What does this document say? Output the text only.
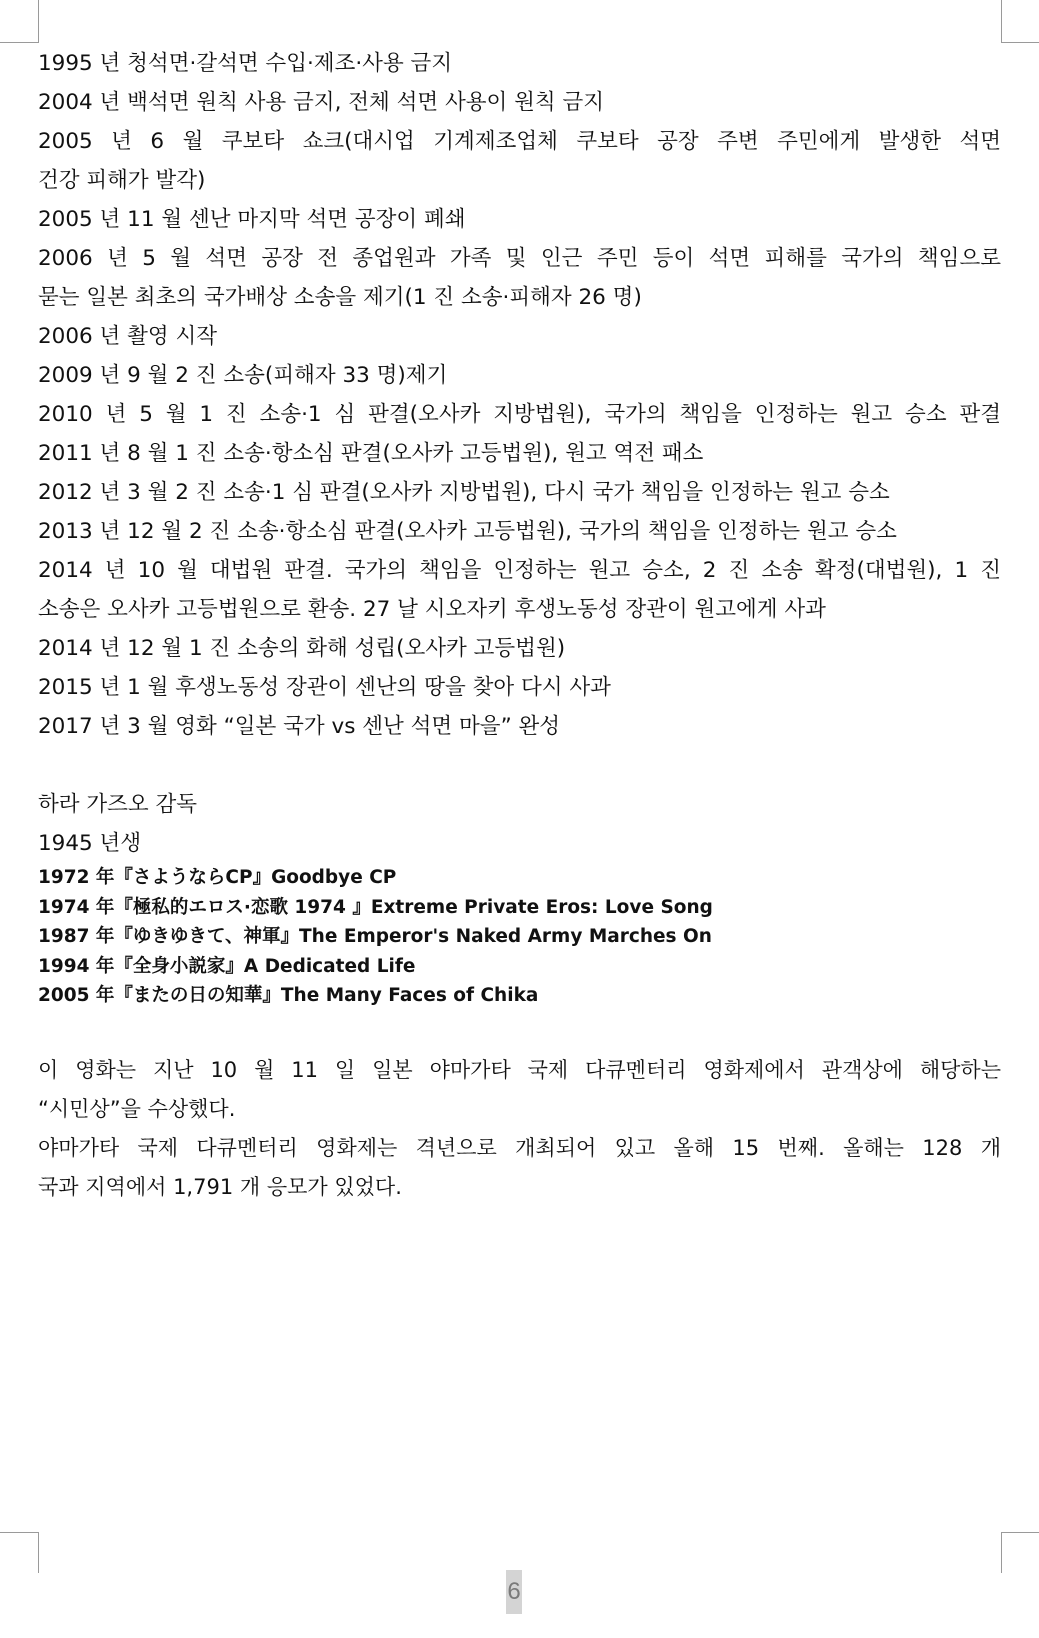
1995 년 청석면·갈석면 수입·제조·사용 금지
2004 년 백석면 원칙 사용 금지, 전체 석면 사용이 원칙 금지
2005 년 6 월 쿠보타 쇼크(대시업 기계제조업체 쿠보타 공장 주변 주민에게 발생한 석면
건강 피해가 발각)
2005 년 11 월 센난 마지막 석면 공장이 폐쇄
2006 년 5 월 석면 공장 전 종업원과 가족 및 인근 주민 등이 석면 피해를 국가의 책임으로
묻는 일본 최초의 국가배상 소송을 제기(1 진 소송·피해자 26 명)
2006 년 촬영 시작
2009 년 9 월 2 진 소송(피해자 33 명)제기
2010 년 5 월 1 진 소송·1 심 판결(오사카 지방법원), 국가의 책임을 인정하는 원고 승소 판결
2011 년 8 월 1 진 소송·항소심 판결(오사카 고등법원), 원고 역전 패소
2012 년 3 월 2 진 소송·1 심 판결(오사카 지방법원), 다시 국가 책임을 인정하는 원고 승소
2013 년 12 월 2 진 소송·항소심 판결(오사카 고등법원), 국가의 책임을 인정하는 원고 승소
2014 년 10 월 대법원 판결. 국가의 책임을 인정하는 원고 승소, 2 진 소송 확정(대법원), 1 진
소송은 오사카 고등법원으로 환송. 27 날 시오자키 후생노동성 장관이 원고에게 사과
2014 년 12 월 1 진 소송의 화해 성립(오사카 고등법원)
2015 년 1 월 후생노동성 장관이 센난의 땅을 찾아 다시 사과
2017 년 3 월 영화 “일본 국가 vs 센난 석면 마을” 완성
하라 가즈오 감독
1945 년생
1972 年『さようならCP』Goodbye CP
1974 年『極私的エロス·恋歌 1974 』Extreme Private Eros: Love Song
1987 年『ゆきゆきて、神軍』The Emperor's Naked Army Marches On
1994 年『全身小説家』A Dedicated Life
2005 年『またの日の知華』The Many Faces of Chika
이 영화는 지난 10 월 11 일 일본 야마가타 국제 다큐멘터리 영화제에서 관객상에 해당하는
“시민상”을 수상했다.
야마가타 국제 다큐멘터리 영화제는 격년으로 개최되어 있고 올해 15 번째. 올해는 128 개
국과 지역에서 1,791 개 응모가 있었다.
6
